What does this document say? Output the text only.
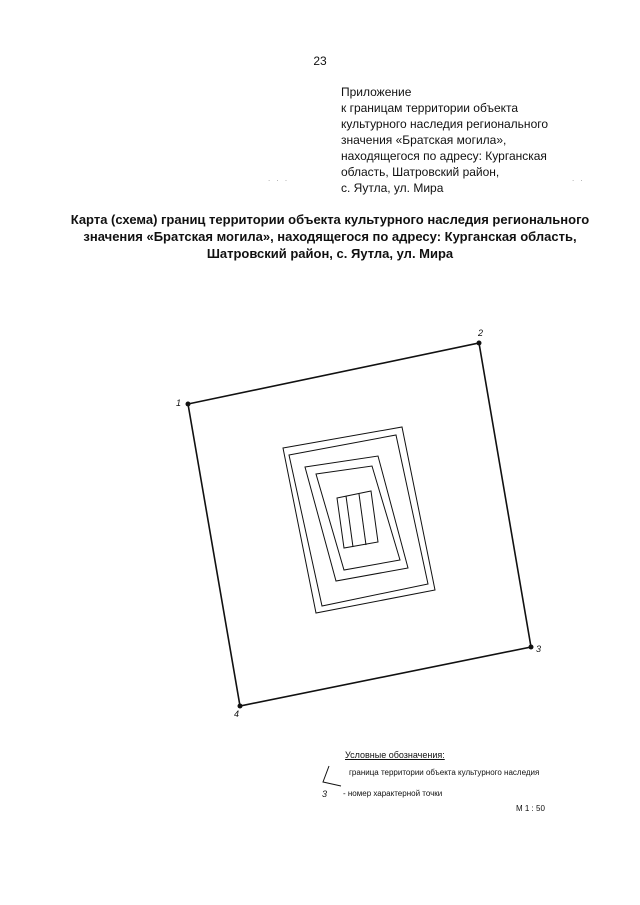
23
Приложение
к границам территории объекта
культурного наследия регионального
значения «Братская могила»,
находящегося по адресу: Курганская
область, Шатровский район,
с. Яутла, ул. Мира
Карта (схема) границ территории объекта культурного наследия регионального
значения «Братская могила», находящегося по адресу: Курганская область,
Шатровский район, с. Яутла, ул. Мира
1
2
3
4
. . .	. .
Условные обозначения:
граница территории объекта культурного наследия
3 - номер характерной точки
М 1 : 50
